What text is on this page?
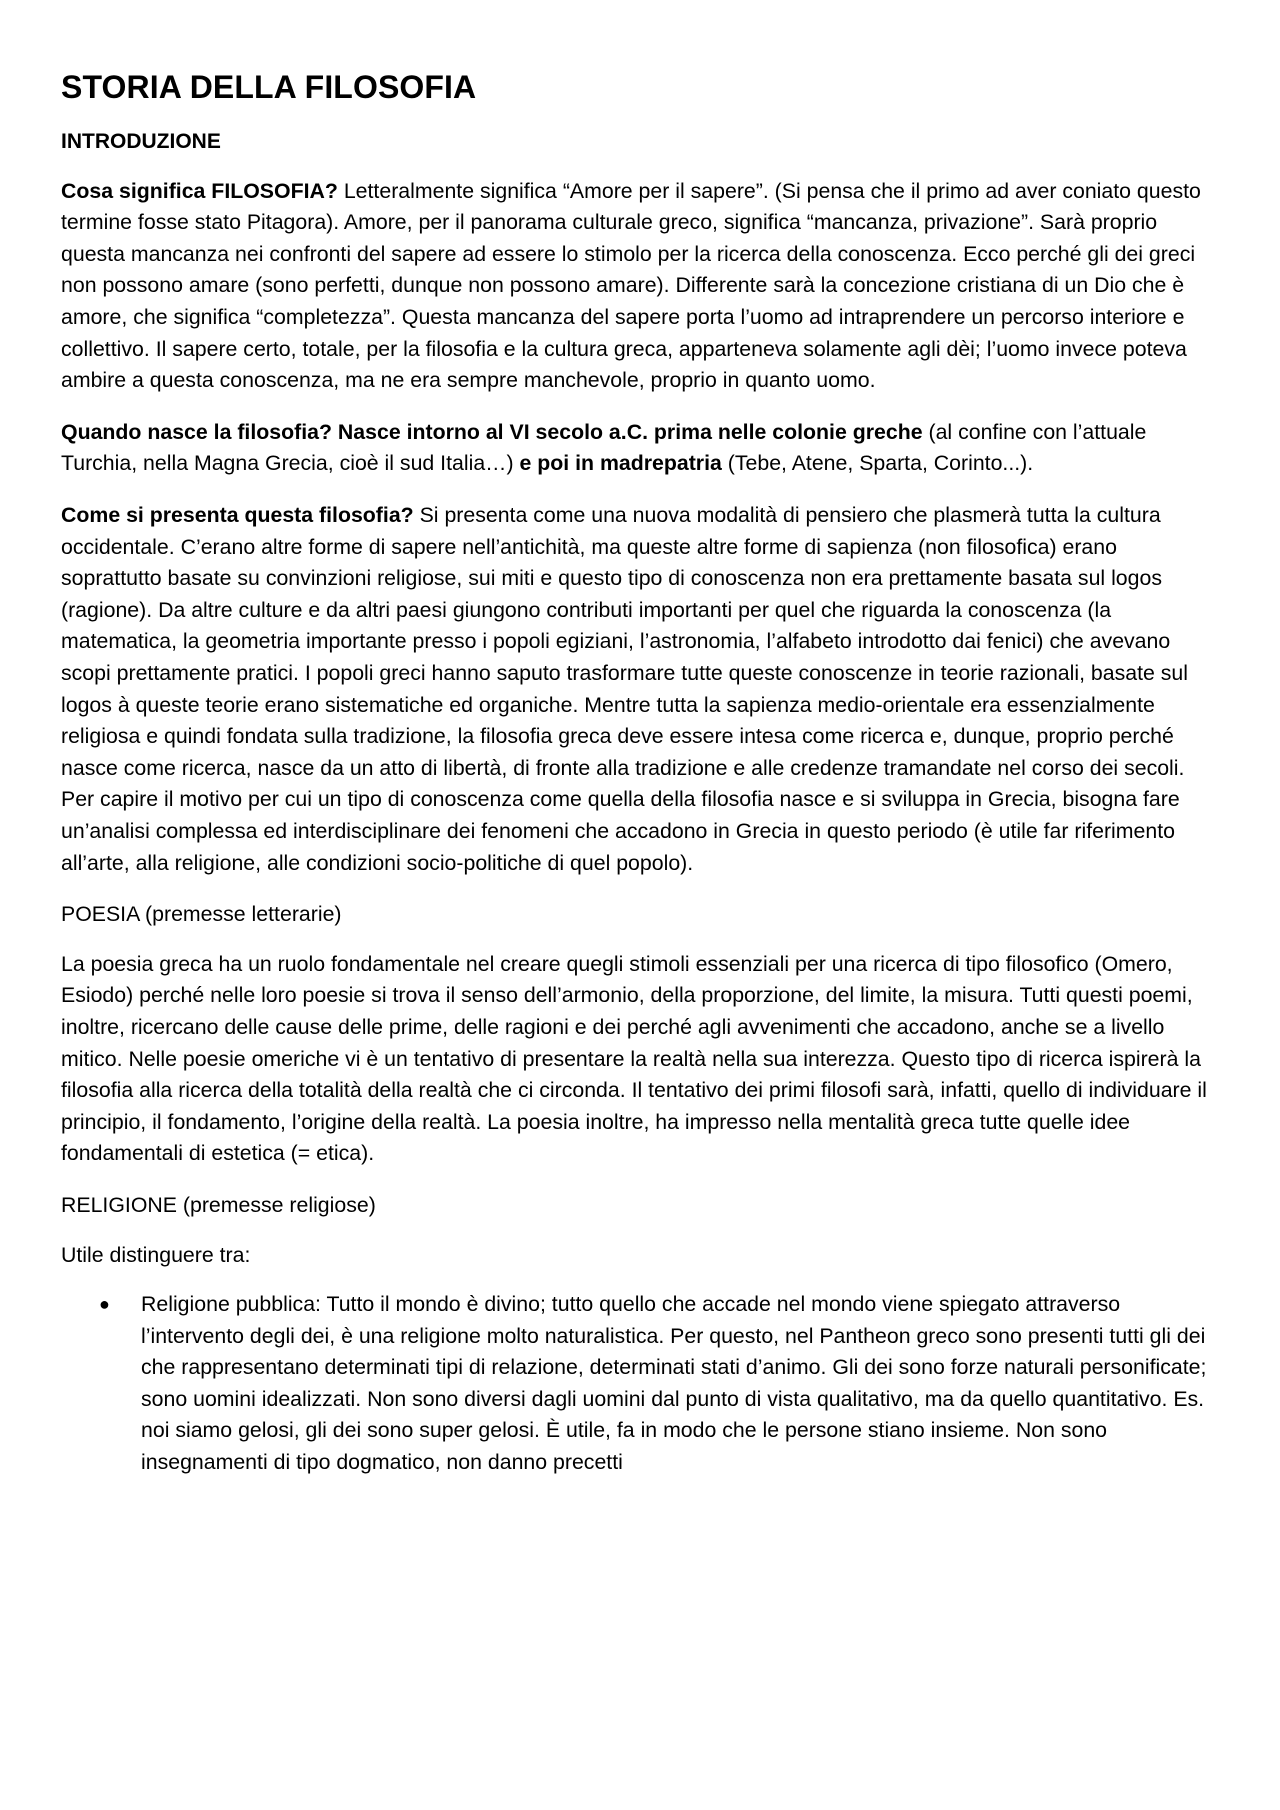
STORIA DELLA FILOSOFIA
INTRODUZIONE

Cosa significa FILOSOFIA? Letteralmente significa “Amore per il sapere”. (Si pensa che il primo ad aver coniato questo termine fosse stato Pitagora). Amore, per il panorama culturale greco, significa “mancanza, privazione”. Sarà proprio questa mancanza nei confronti del sapere ad essere lo stimolo per la ricerca della conoscenza. Ecco perché gli dei greci non possono amare (sono perfetti, dunque non possono amare). Differente sarà la concezione cristiana di un Dio che è amore, che significa “completezza”. Questa mancanza del sapere porta l’uomo ad intraprendere un percorso interiore e collettivo. Il sapere certo, totale, per la filosofia e la cultura greca, apparteneva solamente agli dèi; l’uomo invece poteva ambire a questa conoscenza, ma ne era sempre manchevole, proprio in quanto uomo.

Quando nasce la filosofia? Nasce intorno al VI secolo a.C. prima nelle colonie greche (al confine con l’attuale Turchia, nella Magna Grecia, cioè il sud Italia…) e poi in madrepatria (Tebe, Atene, Sparta, Corinto...).

Come si presenta questa filosofia? Si presenta come una nuova modalità di pensiero che plasmerà tutta la cultura occidentale. C’erano altre forme di sapere nell’antichità, ma queste altre forme di sapienza (non filosofica) erano soprattutto basate su convinzioni religiose, sui miti e questo tipo di conoscenza non era prettamente basata sul logos (ragione). Da altre culture e da altri paesi giungono contributi importanti per quel che riguarda la conoscenza (la matematica, la geometria importante presso i popoli egiziani, l’astronomia, l’alfabeto introdotto dai fenici) che avevano scopi prettamente pratici. I popoli greci hanno saputo trasformare tutte queste conoscenze in teorie razionali, basate sul logos à queste teorie erano sistematiche ed organiche. Mentre tutta la sapienza medio-orientale era essenzialmente religiosa e quindi fondata sulla tradizione, la filosofia greca deve essere intesa come ricerca e, dunque, proprio perché nasce come ricerca, nasce da un atto di libertà, di fronte alla tradizione e alle credenze tramandate nel corso dei secoli. Per capire il motivo per cui un tipo di conoscenza come quella della filosofia nasce e si sviluppa in Grecia, bisogna fare un’analisi complessa ed interdisciplinare dei fenomeni che accadono in Grecia in questo periodo (è utile far riferimento all’arte, alla religione, alle condizioni socio-politiche di quel popolo).

POESIA (premesse letterarie)

La poesia greca ha un ruolo fondamentale nel creare quegli stimoli essenziali per una ricerca di tipo filosofico (Omero, Esiodo) perché nelle loro poesie si trova il senso dell’armonio, della proporzione, del limite, la misura. Tutti questi poemi, inoltre, ricercano delle cause delle prime, delle ragioni e dei perché agli avvenimenti che accadono, anche se a livello mitico. Nelle poesie omeriche vi è un tentativo di presentare la realtà nella sua interezza. Questo tipo di ricerca ispirerà la filosofia alla ricerca della totalità della realtà che ci circonda. Il tentativo dei primi filosofi sarà, infatti, quello di individuare il principio, il fondamento, l’origine della realtà. La poesia inoltre, ha impresso nella mentalità greca tutte quelle idee fondamentali di estetica (= etica).

RELIGIONE (premesse religiose)

Utile distinguere tra:

● Religione pubblica: Tutto il mondo è divino; tutto quello che accade nel mondo viene spiegato attraverso l’intervento degli dei, è una religione molto naturalistica. Per questo, nel Pantheon greco sono presenti tutti gli dei che rappresentano determinati tipi di relazione, determinati stati d’animo. Gli dei sono forze naturali personificate; sono uomini idealizzati. Non sono diversi dagli uomini dal punto di vista qualitativo, ma da quello quantitativo. Es. noi siamo gelosi, gli dei sono super gelosi. È utile, fa in modo che le persone stiano insieme. Non sono insegnamenti di tipo dogmatico, non danno precetti
